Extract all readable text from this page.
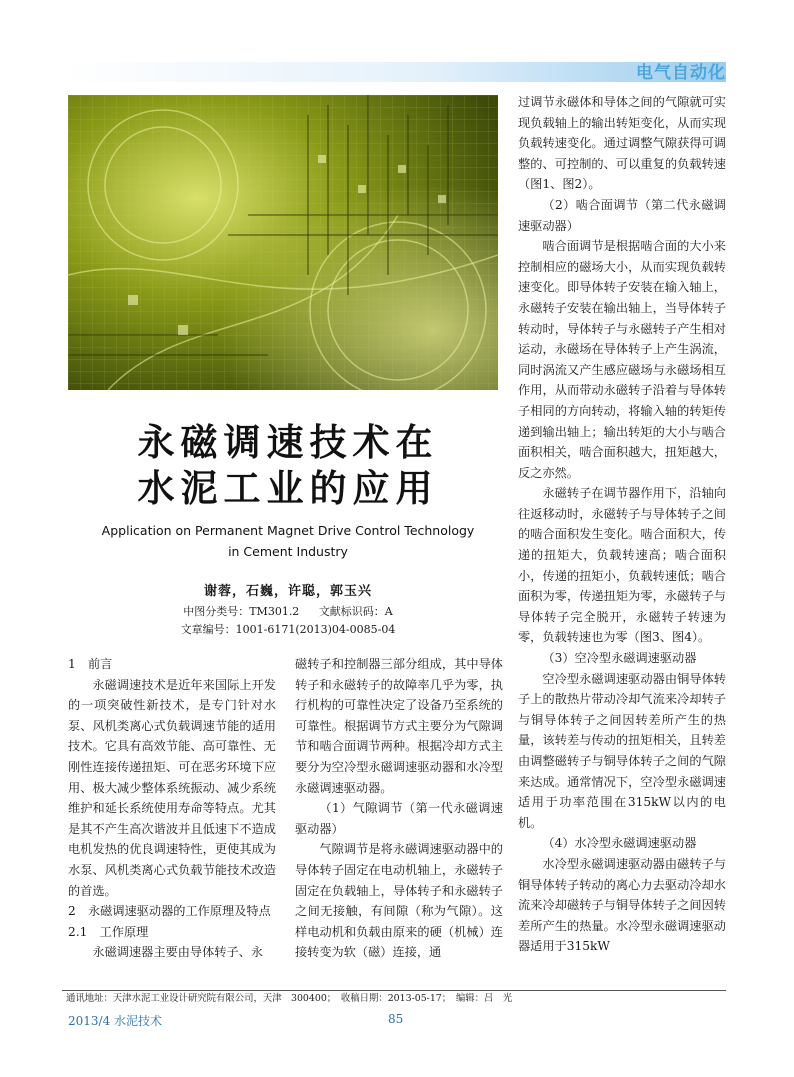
电气自动化
永磁调速技术在
水泥工业的应用
Application on Permanent Magnet Drive Control Technology
in Cement Industry
谢蓉，石巍，许聪，郭玉兴
中图分类号：TM301.2 文献标识码：A
文章编号：1001-6171(2013)04-0085-04

1　前言

永磁调速技术是近年来国际上开发的一项突破性新技术，是专门针对水泵、风机类离心式负载调速节能的适用技术。它具有高效节能、高可靠性、无刚性连接传递扭矩、可在恶劣环境下应用、极大减少整体系统振动、减少系统维护和延长系统使用寿命等特点。尤其是其不产生高次谐波并且低速下不造成电机发热的优良调速特性，更使其成为水泵、风机类离心式负载节能技术改造的首选。

2　永磁调速驱动器的工作原理及特点

2.1　工作原理

永磁调速器主要由导体转子、永

磁转子和控制器三部分组成，其中导体转子和永磁转子的故障率几乎为零，执行机构的可靠性决定了设备乃至系统的可靠性。根据调节方式主要分为气隙调节和啮合面调节两种。根据冷却方式主要分为空冷型永磁调速驱动器和水冷型永磁调速驱动器。

（1）气隙调节（第一代永磁调速驱动器）

气隙调节是将永磁调速驱动器中的导体转子固定在电动机轴上，永磁转子固定在负载轴上，导体转子和永磁转子之间无接触，有间隙（称为气隙）。这样电动机和负载由原来的硬（机械）连接转变为软（磁）连接，通

过调节永磁体和导体之间的气隙就可实现负载轴上的输出转矩变化，从而实现负载转速变化。通过调整气隙获得可调整的、可控制的、可以重复的负载转速（图1、图2）。

（2）啮合面调节（第二代永磁调速驱动器）

啮合面调节是根据啮合面的大小来控制相应的磁场大小，从而实现负载转速变化。即导体转子安装在输入轴上，永磁转子安装在输出轴上，当导体转子转动时，导体转子与永磁转子产生相对运动，永磁场在导体转子上产生涡流，同时涡流又产生感应磁场与永磁场相互作用，从而带动永磁转子沿着与导体转子相同的方向转动，将输入轴的转矩传递到输出轴上；输出转矩的大小与啮合面积相关，啮合面积越大，扭矩越大，反之亦然。

永磁转子在调节器作用下，沿轴向往返移动时，永磁转子与导体转子之间的啮合面积发生变化。啮合面积大，传递的扭矩大，负载转速高；啮合面积小，传递的扭矩小，负载转速低；啮合面积为零，传递扭矩为零，永磁转子与导体转子完全脱开，永磁转子转速为零，负载转速也为零（图3、图4）。

（3）空冷型永磁调速驱动器

空冷型永磁调速驱动器由铜导体转子上的散热片带动冷却气流来冷却转子与铜导体转子之间因转差所产生的热量，该转差与传动的扭矩相关，且转差由调整磁转子与铜导体转子之间的气隙来达成。通常情况下，空冷型永磁调速适用于功率范围在315kW以内的电机。

（4）水冷型永磁调速驱动器

水冷型永磁调速驱动器由磁转子与铜导体转子转动的离心力去驱动冷却水流来冷却磁转子与铜导体转子之间因转差所产生的热量。水冷型永磁调速驱动器适用于315kW

通讯地址：天津水泥工业设计研究院有限公司，天津　300400；　收稿日期：2013-05-17；　编辑：吕　光
2013/4 水泥技术	85
